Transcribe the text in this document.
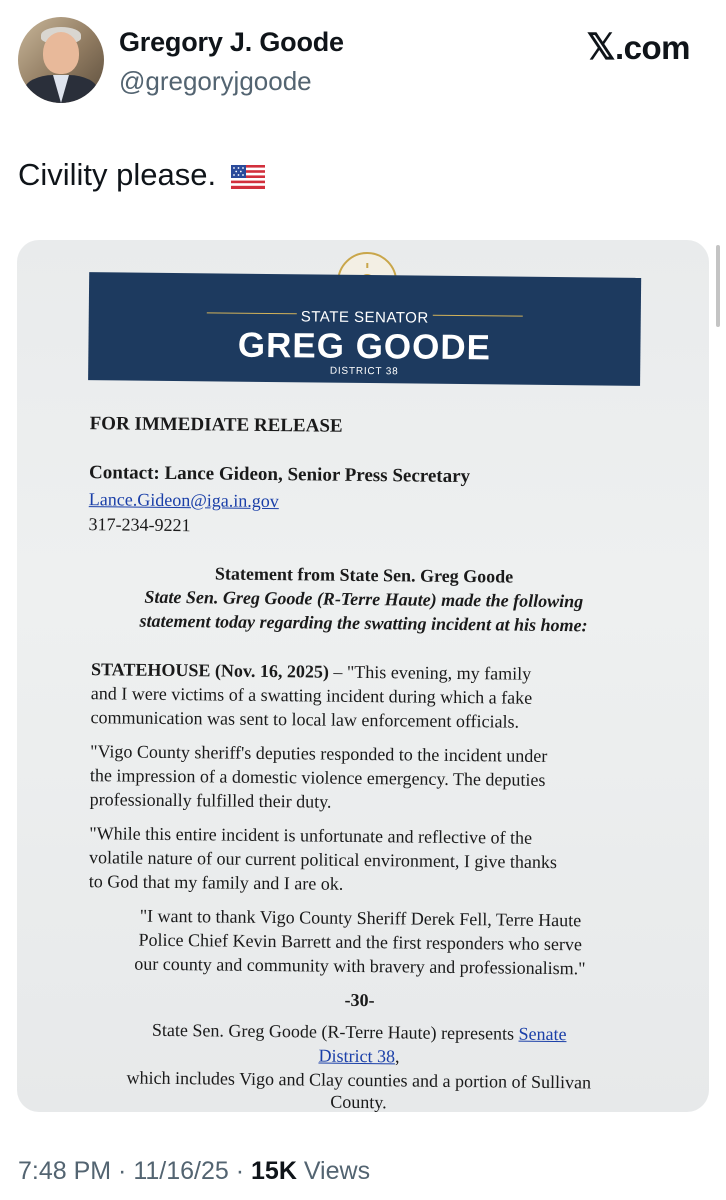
Gregory J. Goode
@gregoryjgoode
𝕏.com
Civility please.
STATE SENATOR
GREG GOODE
DISTRICT 38
FOR IMMEDIATE RELEASE
Contact: Lance Gideon, Senior Press Secretary
Lance.Gideon@iga.in.gov
317-234-9221
Statement from State Sen. Greg Goode
State Sen. Greg Goode (R-Terre Haute) made the following
statement today regarding the swatting incident at his home:
STATEHOUSE (Nov. 16, 2025) – "This evening, my family
and I were victims of a swatting incident during which a fake
communication was sent to local law enforcement officials.
"Vigo County sheriff's deputies responded to the incident under
the impression of a domestic violence emergency. The deputies
professionally fulfilled their duty.
"While this entire incident is unfortunate and reflective of the
volatile nature of our current political environment, I give thanks
to God that my family and I are ok.
"I want to thank Vigo County Sheriff Derek Fell, Terre Haute
Police Chief Kevin Barrett and the first responders who serve
our county and community with bravery and professionalism."
-30-
State Sen. Greg Goode (R-Terre Haute) represents Senate
District 38,
which includes Vigo and Clay counties and a portion of Sullivan
County.
7:48 PM · 11/16/25 · 15K Views
